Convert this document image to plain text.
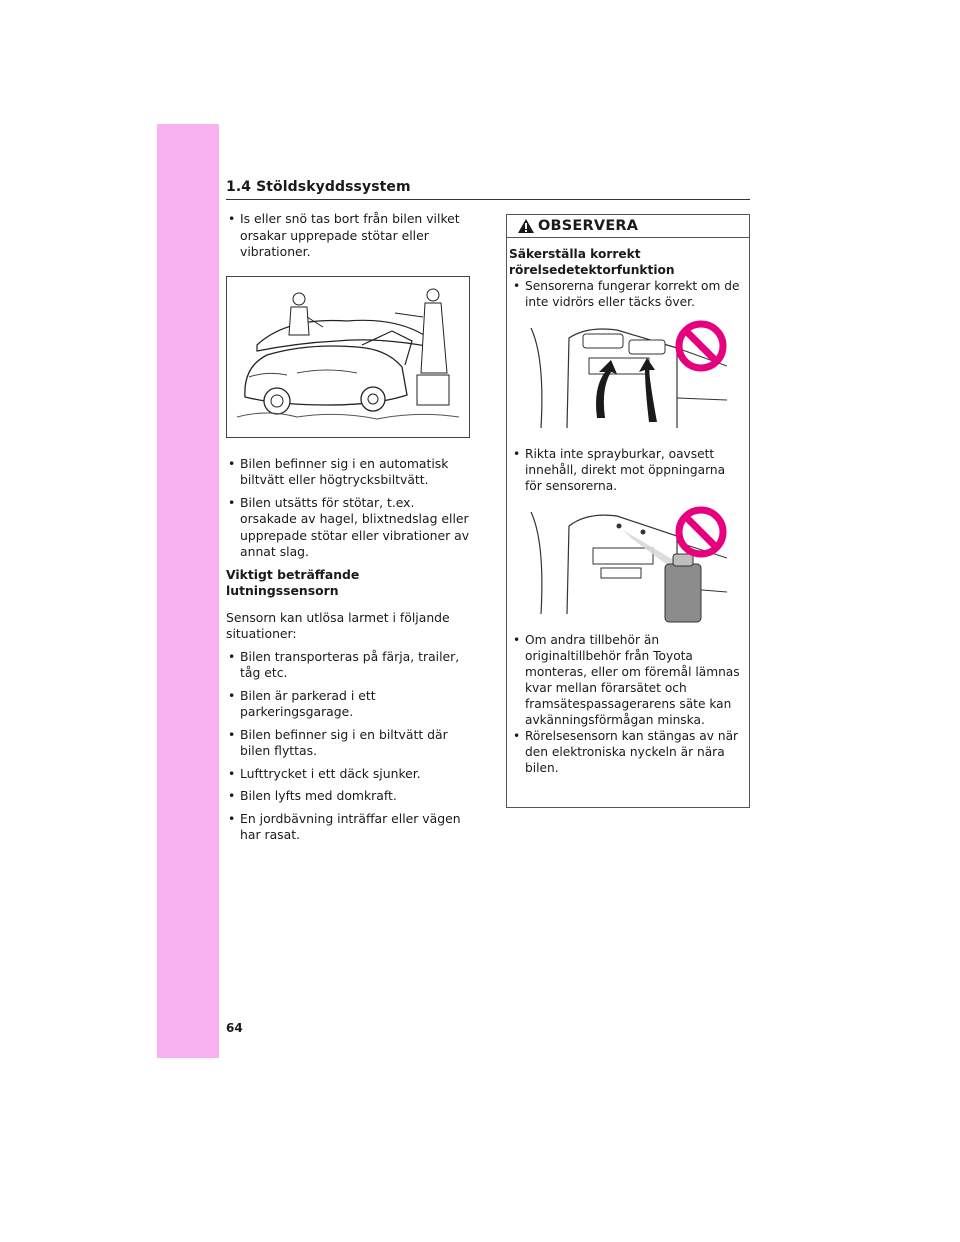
1.4 Stöldskyddssystem
• Is eller snö tas bort från bilen vilket orsakar upprepade stötar eller vibrationer.
• Bilen befinner sig i en automatisk biltvätt eller högtrycksbiltvätt.
• Bilen utsätts för stötar, t.ex. orsakade av hagel, blixtnedslag eller upprepade stötar eller vibrationer av annat slag.
Viktigt beträffande lutningssensorn
Sensorn kan utlösa larmet i följande situationer:
• Bilen transporteras på färja, trailer, tåg etc.
• Bilen är parkerad i ett parkeringsgarage.
• Bilen befinner sig i en biltvätt där bilen flyttas.
• Lufttrycket i ett däck sjunker.
• Bilen lyfts med domkraft.
• En jordbävning inträffar eller vägen har rasat.
OBSERVERA
Säkerställa korrekt rörelsedetektorfunktion
• Sensorerna fungerar korrekt om de inte vidrörs eller täcks över.
• Rikta inte sprayburkar, oavsett innehåll, direkt mot öppningarna för sensorerna.
• Om andra tillbehör än originaltillbehör från Toyota monteras, eller om föremål lämnas kvar mellan förarsätet och framsätespassagerarens säte kan avkänningsförmågan minska.
• Rörelsesensorn kan stängas av när den elektroniska nyckeln är nära bilen.
64
